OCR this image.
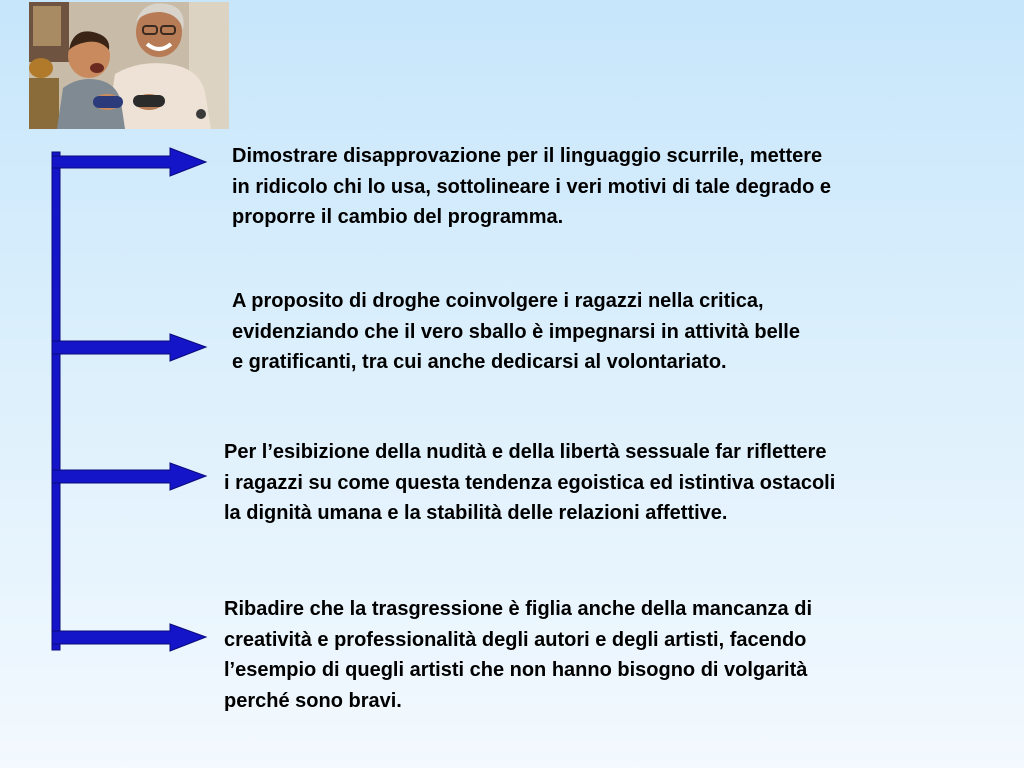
Dimostrare disapprovazione per il linguaggio scurrile, mettere
in ridicolo chi lo usa, sottolineare i veri motivi di tale degrado e
proporre il cambio del programma.

A proposito di droghe coinvolgere i ragazzi nella critica,
evidenziando che il vero sballo è impegnarsi in attività belle
e gratificanti, tra cui anche dedicarsi al volontariato.

Per l’esibizione della nudità e della libertà sessuale far riflettere
i ragazzi su come questa tendenza egoistica ed istintiva ostacoli
la dignità umana e la stabilità delle relazioni affettive.

Ribadire che la trasgressione è figlia anche della mancanza di
creatività e professionalità degli autori e degli artisti, facendo
l’esempio di quegli artisti che non hanno bisogno di volgarità
perché sono bravi.
